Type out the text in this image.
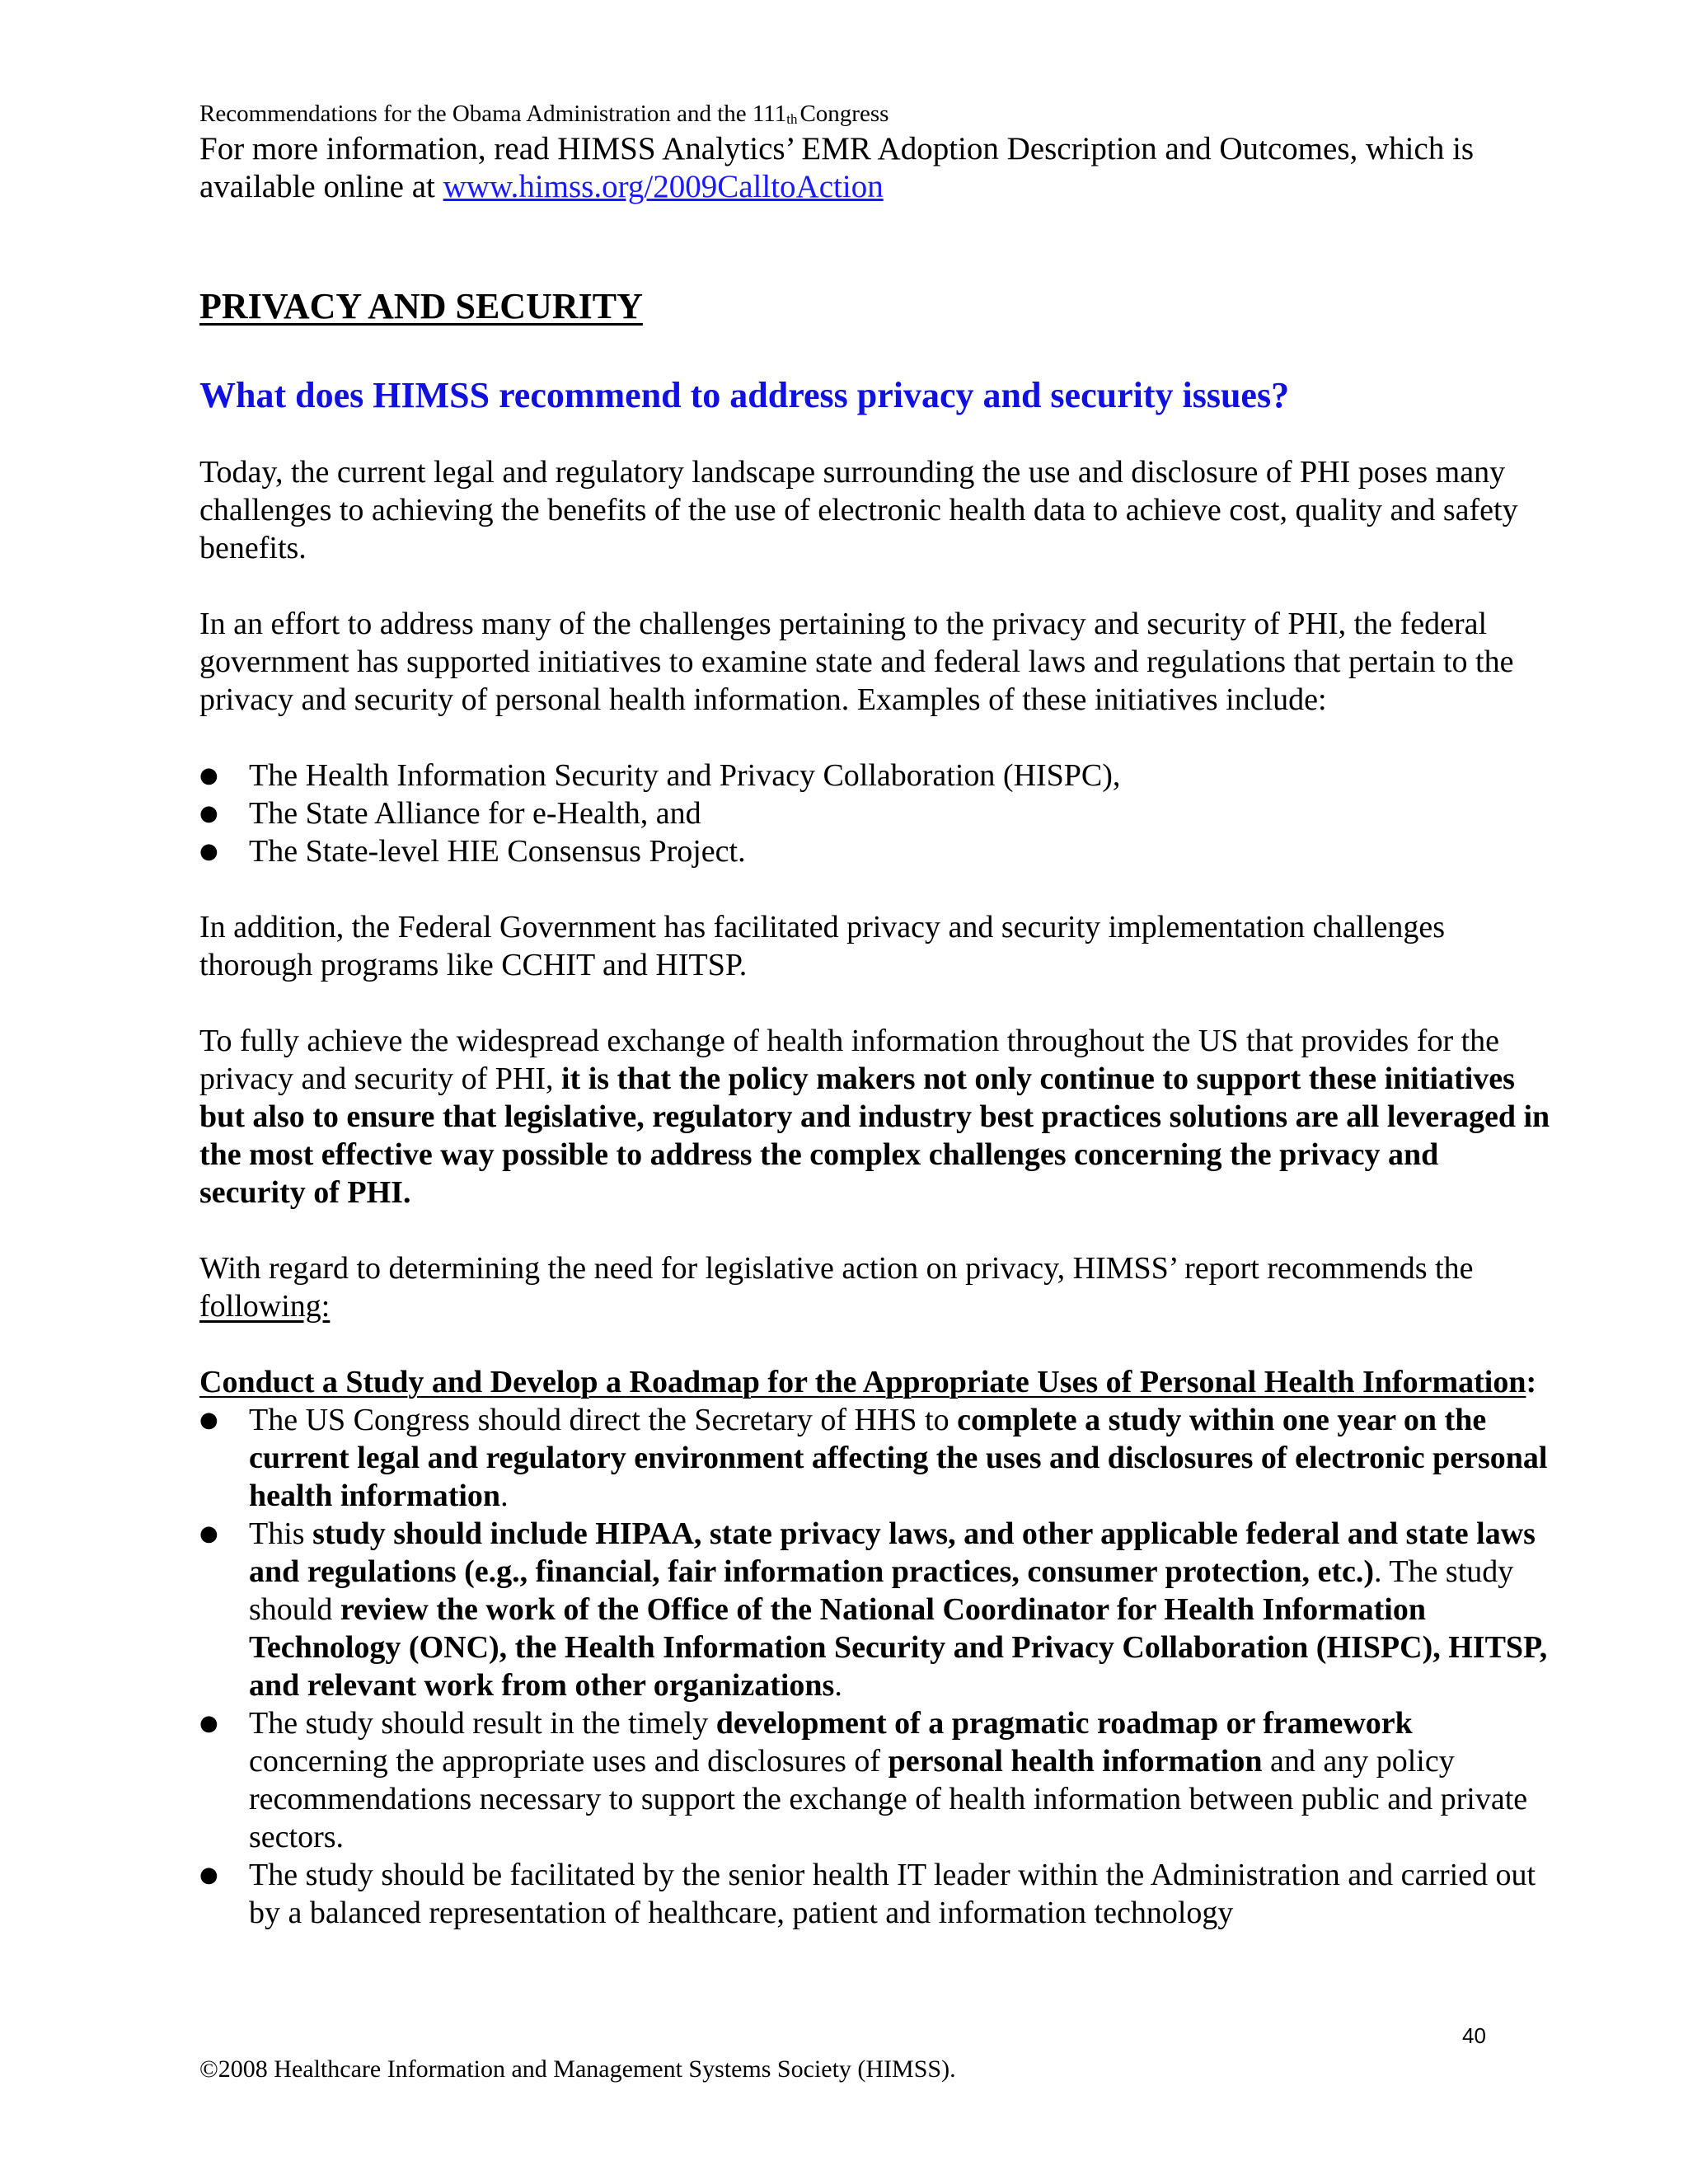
Recommendations for the Obama Administration and the 111th Congress
For more information, read HIMSS Analytics’ EMR Adoption Description and Outcomes, which is available online at www.himss.org/2009CalltoAction
PRIVACY AND SECURITY
What does HIMSS recommend to address privacy and security issues?

Today, the current legal and regulatory landscape surrounding the use and disclosure of PHI poses many challenges to achieving the benefits of the use of electronic health data to achieve cost, quality and safety benefits.

In an effort to address many of the challenges pertaining to the privacy and security of PHI, the federal government has supported initiatives to examine state and federal laws and regulations that pertain to the privacy and security of personal health information. Examples of these initiatives include:

● The Health Information Security and Privacy Collaboration (HISPC),
● The State Alliance for e-Health, and
● The State-level HIE Consensus Project.

In addition, the Federal Government has facilitated privacy and security implementation challenges thorough programs like CCHIT and HITSP.

To fully achieve the widespread exchange of health information throughout the US that provides for the privacy and security of PHI, it is that the policy makers not only continue to support these initiatives but also to ensure that legislative, regulatory and industry best practices solutions are all leveraged in the most effective way possible to address the complex challenges concerning the privacy and security of PHI.

With regard to determining the need for legislative action on privacy, HIMSS’ report recommends the following:

Conduct a Study and Develop a Roadmap for the Appropriate Uses of Personal Health Information:
● The US Congress should direct the Secretary of HHS to complete a study within one year on the current legal and regulatory environment affecting the uses and disclosures of electronic personal health information.
● This study should include HIPAA, state privacy laws, and other applicable federal and state laws and regulations (e.g., financial, fair information practices, consumer protection, etc.). The study should review the work of the Office of the National Coordinator for Health Information Technology (ONC), the Health Information Security and Privacy Collaboration (HISPC), HITSP, and relevant work from other organizations.
● The study should result in the timely development of a pragmatic roadmap or framework concerning the appropriate uses and disclosures of personal health information and any policy recommendations necessary to support the exchange of health information between public and private sectors.
● The study should be facilitated by the senior health IT leader within the Administration and carried out by a balanced representation of healthcare, patient and information technology
40
©2008 Healthcare Information and Management Systems Society (HIMSS).
